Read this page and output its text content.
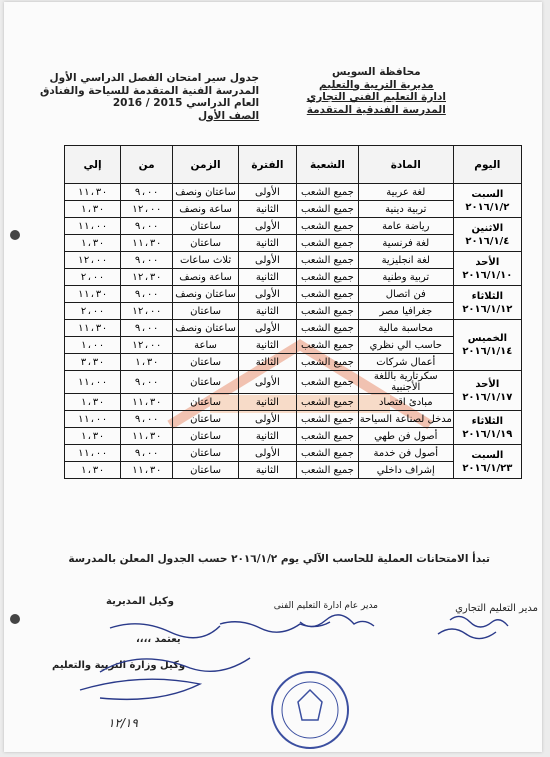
محافظة السويس
مديرية التربية والتعليم
ادارة التعليم الفني التجاري
المدرسة الفندقية المتقدمة
جدول سير امتحان الفصل الدراسي الأول
المدرسة الفنية المتقدمة للسياحة والفنادق
العام الدراسي 2015 / 2016
الصف الأول
اليوم	المادة	الشعبة	الفترة	الزمن	من	إلي

السبت
٢٠١٦/١/٢	لغة عربية	جميع الشعب	الأولى	ساعتان ونصف	٩،٠٠	١١،٣٠
	تربية دينية	جميع الشعب	الثانية	ساعة ونصف	١٢،٠٠	١،٣٠

الاثنين
٢٠١٦/١/٤	رياضة عامة	جميع الشعب	الأولى	ساعتان	٩،٠٠	١١،٠٠
	لغة فرنسية	جميع الشعب	الثانية	ساعتان	١١،٣٠	١،٣٠

الأحد
٢٠١٦/١/١٠	لغة انجليزية	جميع الشعب	الأولى	ثلاث ساعات	٩،٠٠	١٢،٠٠
	تربية وطنية	جميع الشعب	الثانية	ساعة ونصف	١٢،٣٠	٢،٠٠

الثلاثاء
٢٠١٦/١/١٢	فن اتصال	جميع الشعب	الأولى	ساعتان ونصف	٩،٠٠	١١،٣٠
	جغرافيا مصر	جميع الشعب	الثانية	ساعتان	١٢،٠٠	٢،٠٠

الخميس
٢٠١٦/١/١٤	محاسبة مالية	جميع الشعب	الأولى	ساعتان ونصف	٩،٠٠	١١،٣٠
	حاسب الي نظري	جميع الشعب	الثانية	ساعة	١٢،٠٠	١،٠٠
	أعمال شركات	جميع الشعب	الثالثة	ساعتان	١،٣٠	٣،٣٠

الأحد
٢٠١٦/١/١٧	سكرتارية باللغة الأجنبية	جميع الشعب	الأولى	ساعتان	٩،٠٠	١١،٠٠
	مبادئ اقتصاد	جميع الشعب	الثانية	ساعتان	١١،٣٠	١،٣٠

الثلاثاء
٢٠١٦/١/١٩	مدخل لصناعة السياحة	جميع الشعب	الأولى	ساعتان	٩،٠٠	١١،٠٠
	أصول فن طهي	جميع الشعب	الثانية	ساعتان	١١،٣٠	١،٣٠

السبت
٢٠١٦/١/٢٣	أصول فن خدمة	جميع الشعب	الأولى	ساعتان	٩،٠٠	١١،٠٠
	إشراف داخلي	جميع الشعب	الثانية	ساعتان	١١،٣٠	١،٣٠
تبدأ الامتحانات العملية للحاسب الآلي يوم ٢٠١٦/١/٢ حسب الجدول المعلن بالمدرسة
مدير التعليم التجاري
مدير عام ادارة التعليم الفنى
وكيل المديرية
يعتمد ،،،،
وكيل وزارة التربية والتعليم
١٢/١٩
